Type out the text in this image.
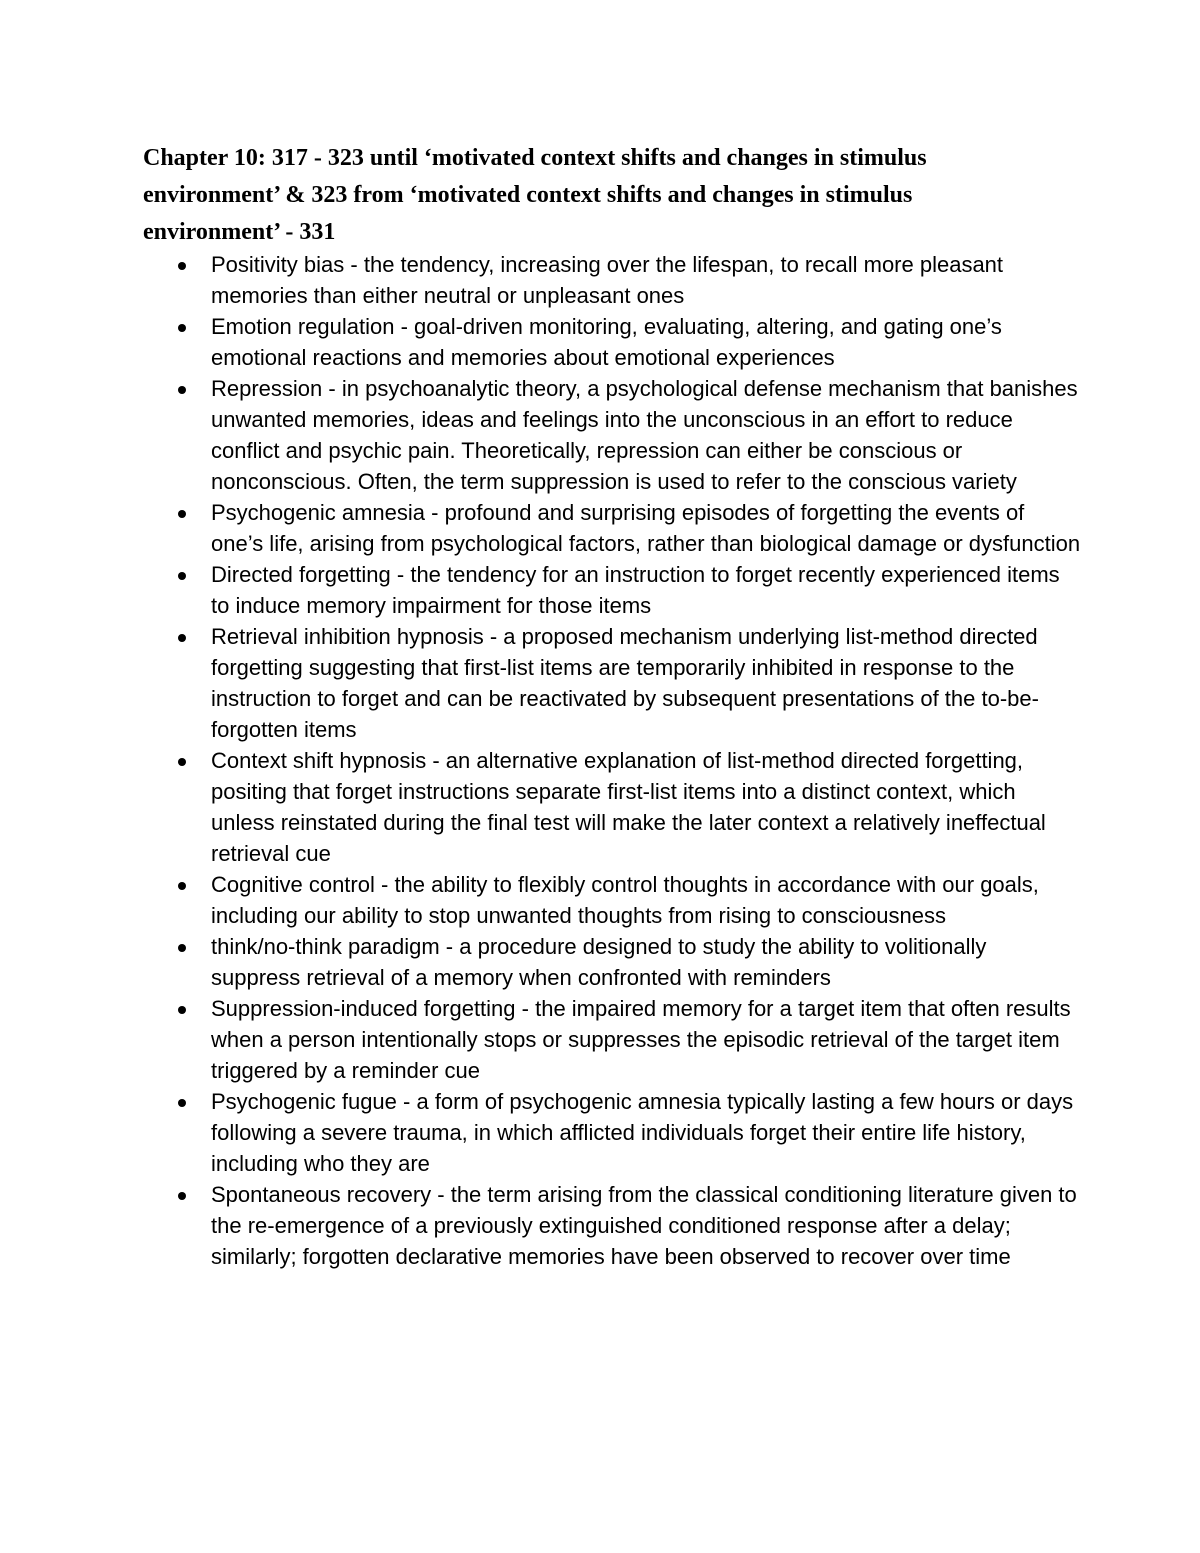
Chapter 10: 317 - 323 until ‘motivated context shifts and changes in stimulus environment’ & 323 from ‘motivated context shifts and changes in stimulus environment’ - 331

Positivity bias - the tendency, increasing over the lifespan, to recall more pleasant memories than either neutral or unpleasant ones
Emotion regulation - goal-driven monitoring, evaluating, altering, and gating one’s emotional reactions and memories about emotional experiences
Repression - in psychoanalytic theory, a psychological defense mechanism that banishes unwanted memories, ideas and feelings into the unconscious in an effort to reduce conflict and psychic pain. Theoretically, repression can either be conscious or nonconscious. Often, the term suppression is used to refer to the conscious variety
Psychogenic amnesia - profound and surprising episodes of forgetting the events of one’s life, arising from psychological factors, rather than biological damage or dysfunction
Directed forgetting - the tendency for an instruction to forget recently experienced items to induce memory impairment for those items
Retrieval inhibition hypnosis - a proposed mechanism underlying list-method directed forgetting suggesting that first-list items are temporarily inhibited in response to the instruction to forget and can be reactivated by subsequent presentations of the to-be-forgotten items
Context shift hypnosis - an alternative explanation of list-method directed forgetting, positing that forget instructions separate first-list items into a distinct context, which unless reinstated during the final test will make the later context a relatively ineffectual retrieval cue
Cognitive control - the ability to flexibly control thoughts in accordance with our goals, including our ability to stop unwanted thoughts from rising to consciousness
think/no-think paradigm - a procedure designed to study the ability to volitionally suppress retrieval of a memory when confronted with reminders
Suppression-induced forgetting - the impaired memory for a target item that often results when a person intentionally stops or suppresses the episodic retrieval of the target item triggered by a reminder cue
Psychogenic fugue - a form of psychogenic amnesia typically lasting a few hours or days following a severe trauma, in which afflicted individuals forget their entire life history, including who they are
Spontaneous recovery - the term arising from the classical conditioning literature given to the re-emergence of a previously extinguished conditioned response after a delay; similarly; forgotten declarative memories have been observed to recover over time
